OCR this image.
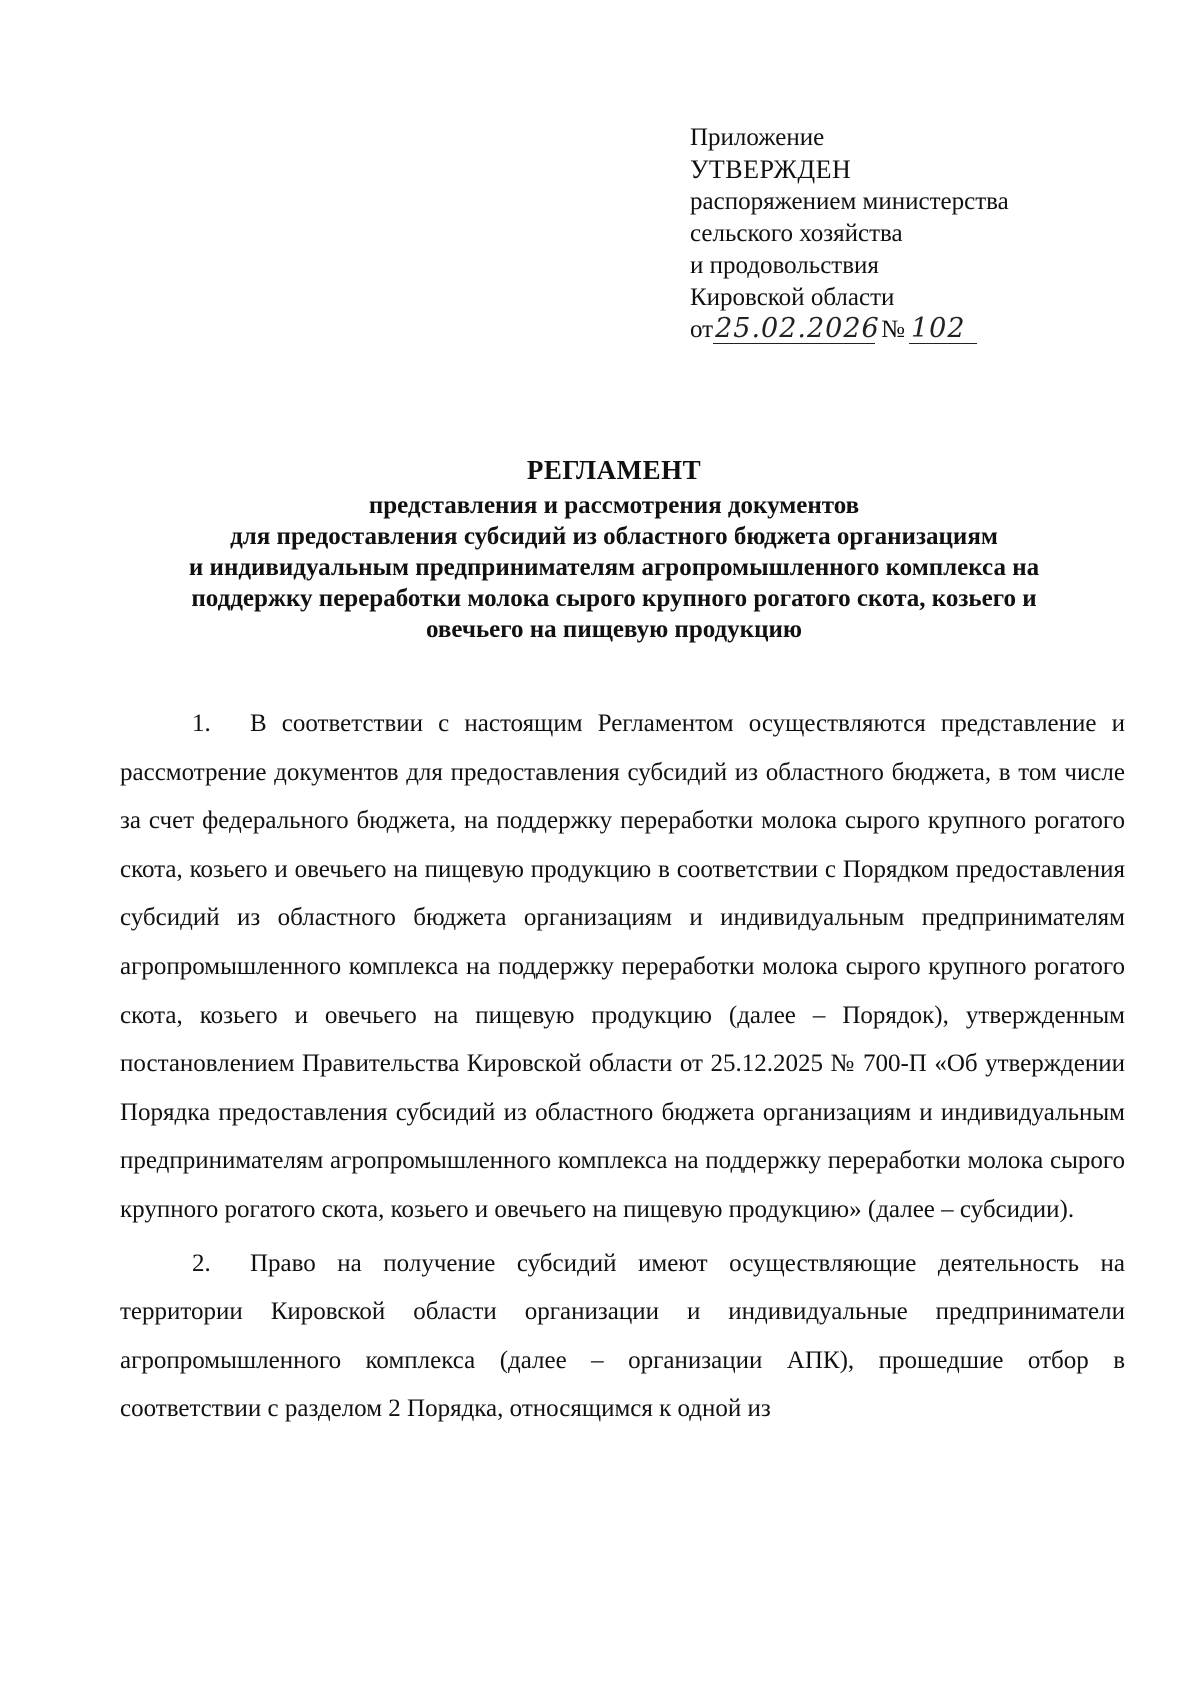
Приложение

УТВЕРЖДЕН

распоряжением министерства

сельского хозяйства

и продовольствия

Кировской области

от 25.02.2026 № 102

РЕГЛАМЕНТ

представления и рассмотрения документов

для предоставления субсидий из областного бюджета организациям

и индивидуальным предпринимателям агропромышленного комплекса на

поддержку переработки молока сырого крупного рогатого скота, козьего и

овечьего на пищевую продукцию

1. В соответствии с настоящим Регламентом осуществляются представление и рассмотрение документов для предоставления субсидий из областного бюджета, в том числе за счет федерального бюджета, на поддержку переработки молока сырого крупного рогатого скота, козьего и овечьего на пищевую продукцию в соответствии с Порядком предоставления субсидий из областного бюджета организациям и индивидуальным предпринимателям агропромышленного комплекса на поддержку переработки молока сырого крупного рогатого скота, козьего и овечьего на пищевую продукцию (далее – Порядок), утвержденным постановлением Правительства Кировской области от 25.12.2025 № 700-П «Об утверждении Порядка предоставления субсидий из областного бюджета организациям и индивидуальным предпринимателям агропромышленного комплекса на поддержку переработки молока сырого крупного рогатого скота, козьего и овечьего на пищевую продукцию» (далее – субсидии).

2. Право на получение субсидий имеют осуществляющие деятельность на территории Кировской области организации и индивидуальные предприниматели агропромышленного комплекса (далее – организации АПК), прошедшие отбор в соответствии с разделом 2 Порядка, относящимся к одной из
